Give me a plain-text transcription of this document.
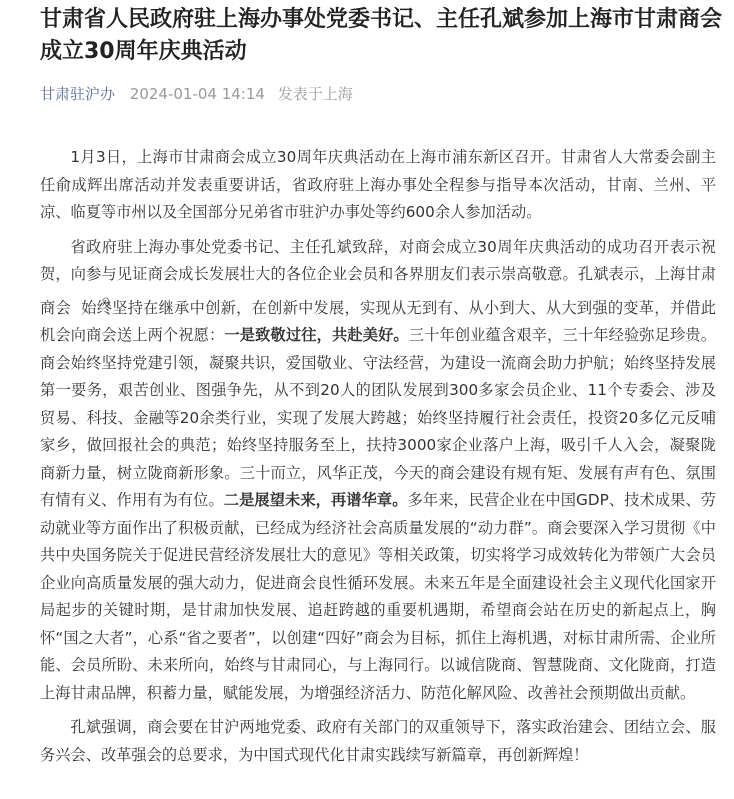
甘肃省人民政府驻上海办事处党委书记、主任孔斌参加上海市甘肃商会成立30周年庆典活动
甘肃驻沪办 2024-01-04 14:14 发表于上海

1月3日，上海市甘肃商会成立30周年庆典活动在上海市浦东新区召开。甘肃省人大常委会副主任俞成辉出席活动并发表重要讲话，省政府驻上海办事处全程参与指导本次活动，甘南、兰州、平凉、临夏等市州以及全国部分兄弟省市驻沪办事处等约600余人参加活动。

省政府驻上海办事处党委书记、主任孔斌致辞，对商会成立30周年庆典活动的成功召开表示祝贺，向参与见证商会成长发展壮大的各位企业会员和各界朋友们表示崇高敬意。孔斌表示，上海甘肃商会 始终坚持在继承中创新，在创新中发展，实现从无到有、从小到大、从大到强的变革，并借此机会向商会送上两个祝愿：一是致敬过往，共赴美好。三十年创业蕴含艰辛，三十年经验弥足珍贵。商会始终坚持党建引领，凝聚共识，爱国敬业、守法经营，为建设一流商会助力护航；始终坚持发展第一要务，艰苦创业、图强争先，从不到20人的团队发展到300多家会员企业、11个专委会、涉及贸易、科技、金融等20余类行业，实现了发展大跨越；始终坚持履行社会责任，投资20多亿元反哺家乡，做回报社会的典范；始终坚持服务至上，扶持3000家企业落户上海，吸引千人入会，凝聚陇商新力量，树立陇商新形象。三十而立，风华正茂，今天的商会建设有规有矩、发展有声有色、氛围有情有义、作用有为有位。二是展望未来，再谱华章。多年来，民营企业在中国GDP、技术成果、劳动就业等方面作出了积极贡献，已经成为经济社会高质量发展的“动力群”。商会要深入学习贯彻《中共中央国务院关于促进民营经济发展壮大的意见》等相关政策，切实将学习成效转化为带领广大会员企业向高质量发展的强大动力，促进商会良性循环发展。未来五年是全面建设社会主义现代化国家开局起步的关键时期，是甘肃加快发展、追赶跨越的重要机遇期，希望商会站在历史的新起点上，胸怀“国之大者”，心系“省之要者”，以创建“四好”商会为目标，抓住上海机遇，对标甘肃所需、企业所能、会员所盼、未来所向，始终与甘肃同心，与上海同行。以诚信陇商、智慧陇商、文化陇商，打造上海甘肃品牌，积蓄力量，赋能发展，为增强经济活力、防范化解风险、改善社会预期做出贡献。

孔斌强调，商会要在甘沪两地党委、政府有关部门的双重领导下，落实政治建会、团结立会、服务兴会、改革强会的总要求，为中国式现代化甘肃实践续写新篇章，再创新辉煌！
